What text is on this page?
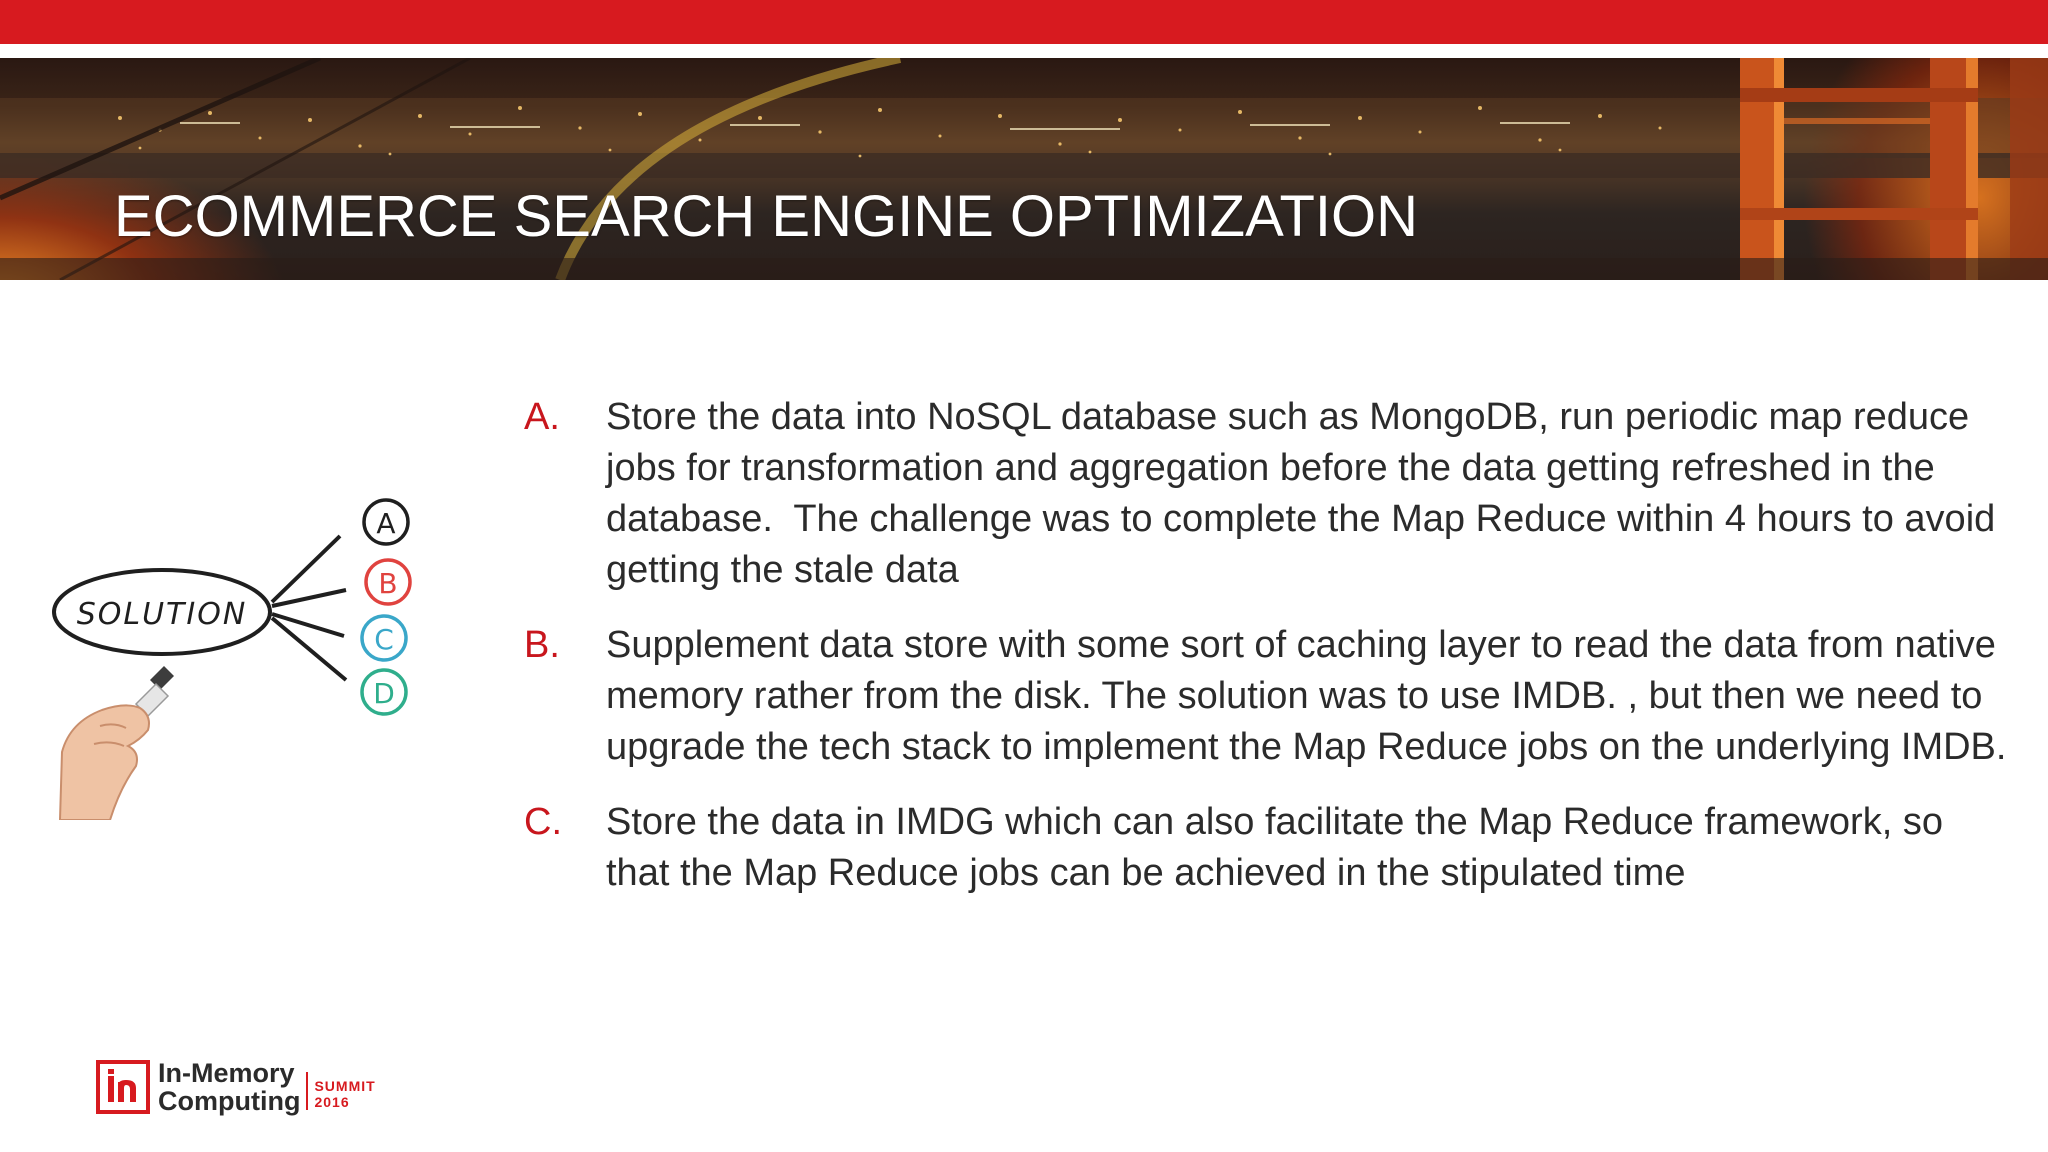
ECOMMERCE SEARCH ENGINE OPTIMIZATION
SOLUTION
A
B
C
D
A.	Store the data into NoSQL database such as MongoDB, run periodic map reduce jobs for transformation and aggregation before the data getting refreshed in the database.  The challenge was to complete the Map Reduce within 4 hours to avoid getting the stale data
B.	Supplement data store with some sort of caching layer to read the data from native memory rather from the disk. The solution was to use IMDB. , but then we need to upgrade the tech stack to implement the Map Reduce jobs on the underlying IMDB.
C.	Store the data in IMDG which can also facilitate the Map Reduce framework, so that the Map Reduce jobs can be achieved in the stipulated time
In-Memory
Computing SUMMIT
2016
